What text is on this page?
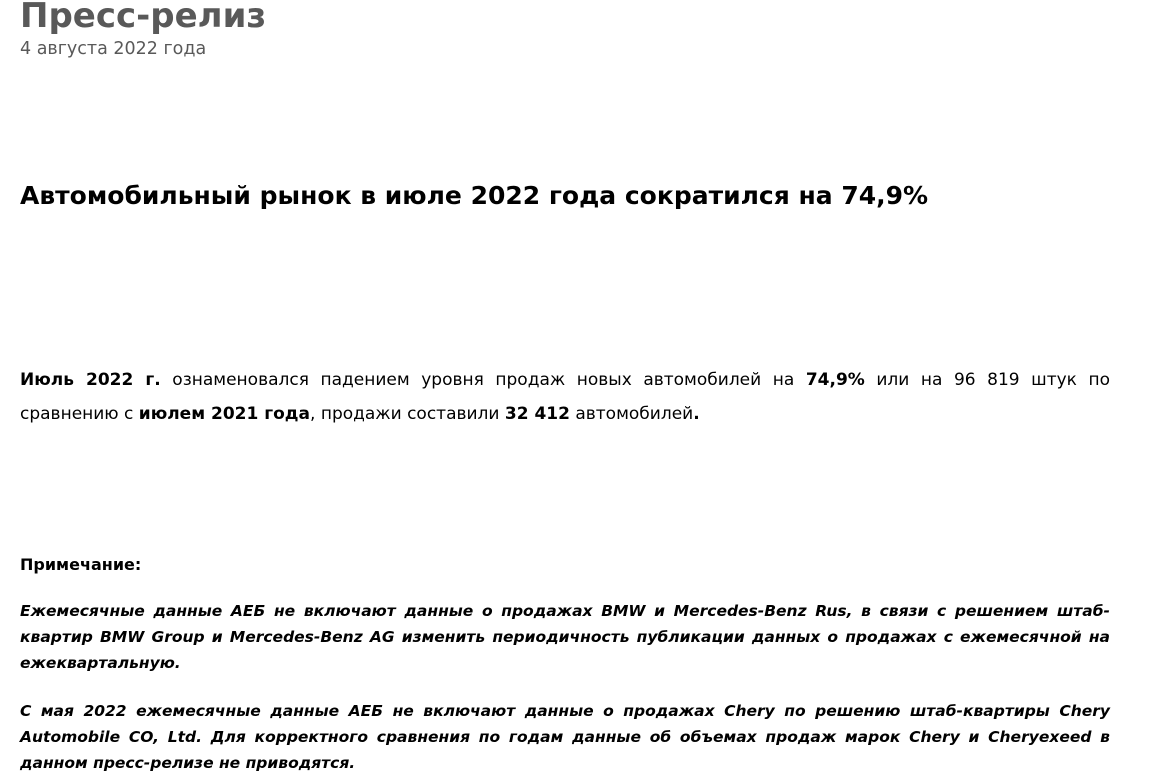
Пресс-релиз
4 августа 2022 года
Автомобильный рынок в июле 2022 года сократился на 74,9%

Июль 2022 г. ознаменовался падением уровня продаж новых автомобилей на 74,9% или на 96 819 штук по сравнению с июлем 2021 года, продажи составили 32 412 автомобилей.

Примечание:

Ежемесячные данные АЕБ не включают данные о продажах BMW и Mercedes-Benz Rus, в связи с решением штаб-квартир BMW Group и Mercedes-Benz AG изменить периодичность публикации данных о продажах с ежемесячной на ежеквартальную.

С мая 2022 ежемесячные данные АЕБ не включают данные о продажах Chery по решению штаб-квартиры Chery Automobile CO, Ltd. Для корректного сравнения по годам данные об объемах продаж марок Chery и Cheryexeed в данном пресс-релизе не приводятся.
